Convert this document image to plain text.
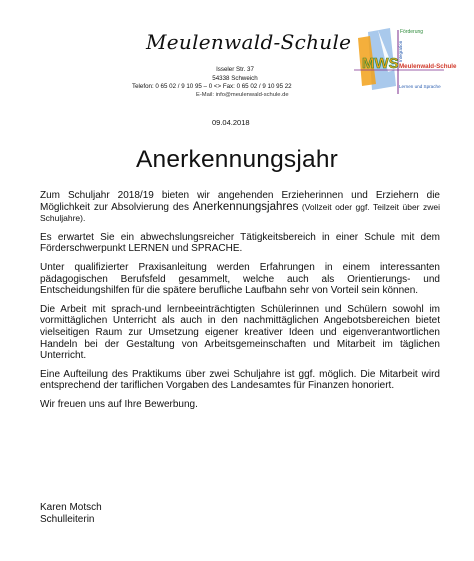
Meulenwald-Schule
Isseler Str. 37
54338 Schweich
Telefon: 0 65 02 / 9 10 95 – 0 <> Fax: 0 65 02 / 9 10 95 22
E-Mail: info@meulenwald-schule.de
Förderung
Integration
MWS Meulenwald-Schule
Lernen und Sprache
09.04.2018
Anerkennungsjahr

Zum Schuljahr 2018/19 bieten wir angehenden Erzieherinnen und Erziehern die Möglichkeit zur Absolvierung des Anerkennungsjahres (Vollzeit oder ggf. Teilzeit über zwei Schuljahre).

Es erwartet Sie ein abwechslungsreicher Tätigkeitsbereich in einer Schule mit dem Förderschwerpunkt LERNEN und SPRACHE.

Unter qualifizierter Praxisanleitung werden Erfahrungen in einem interessanten pädagogischen Berufsfeld gesammelt, welche auch als Orientierungs- und Entscheidungshilfen für die spätere berufliche Laufbahn sehr von Vorteil sein können.

Die Arbeit mit sprach-und lernbeeinträchtigten Schülerinnen und Schülern sowohl im vormittäglichen Unterricht als auch in den nachmittäglichen Angebotsbereichen bietet vielseitigen Raum zur Umsetzung eigener kreativer Ideen und eigenverantwortlichen Handeln bei der Gestaltung von Arbeitsgemeinschaften und Mitarbeit im täglichen Unterricht.

Eine Aufteilung des Praktikums über zwei Schuljahre ist ggf. möglich. Die Mitarbeit wird entsprechend der tariflichen Vorgaben des Landesamtes für Finanzen honoriert.

Wir freuen uns auf Ihre Bewerbung.

Karen Motsch
Schulleiterin
